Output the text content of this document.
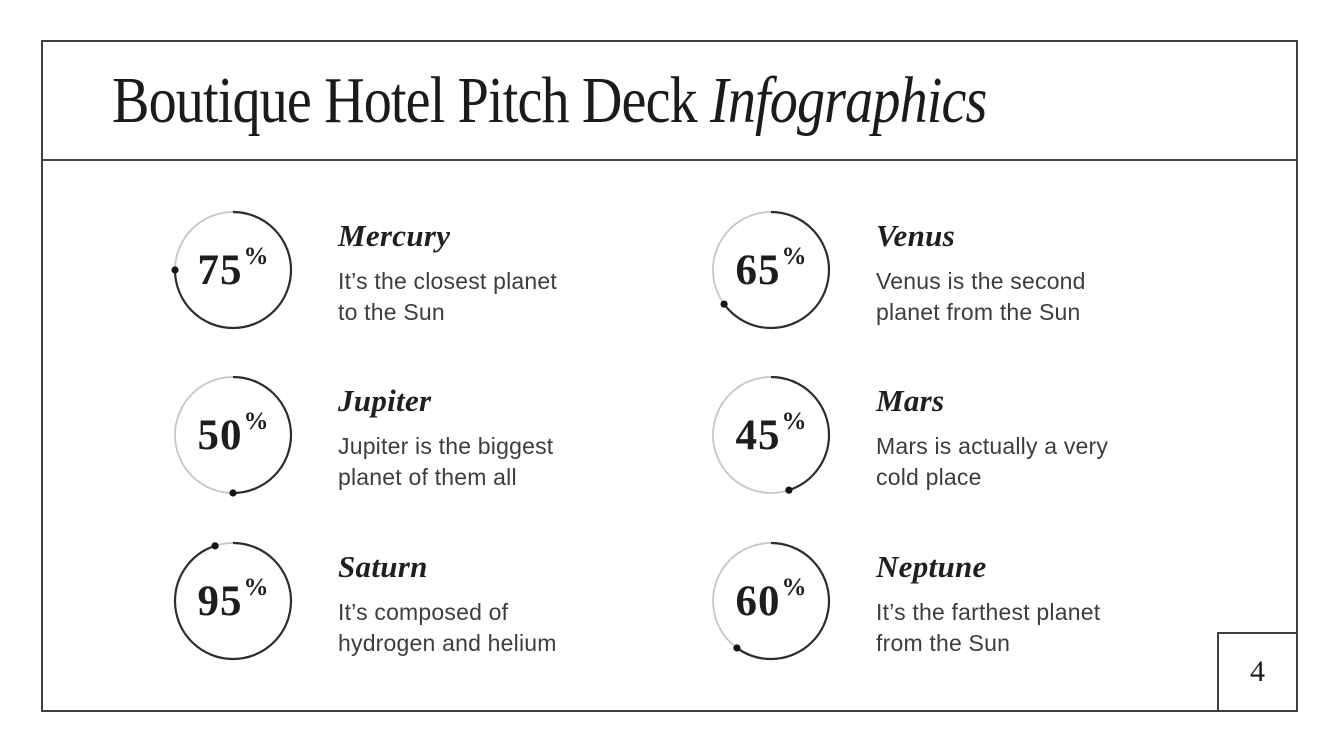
Boutique Hotel Pitch Deck Infographics
75 %
Mercury
It’s the closest planet
to the Sun
65 %
Venus
Venus is the second
planet from the Sun
50 %
Jupiter
Jupiter is the biggest
planet of them all
45 %
Mars
Mars is actually a very
cold place
95 %
Saturn
It’s composed of
hydrogen and helium
60 %
Neptune
It’s the farthest planet
from the Sun
4
